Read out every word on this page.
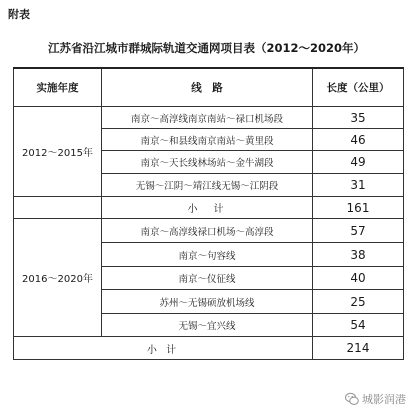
附表
江苏省沿江城市群城际轨道交通网项目表（2012～2020年）
实施年度	线　路	长度（公里）
2012～2015年	南京～高淳线南京南站～禄口机场段	35
	南京～和县线南京南站～黄里段	46
	南京～天长线林场站～金牛湖段	49
	无锡～江阴～靖江线无锡～江阴段	31
	小　计	161
2016～2020年	南京～高淳线禄口机场～高淳段	57
	南京～句容线	38
	南京～仪征线	40
	苏州～无锡硕放机场线	25
	无锡～宜兴线	54
小 计		214
城影润港
